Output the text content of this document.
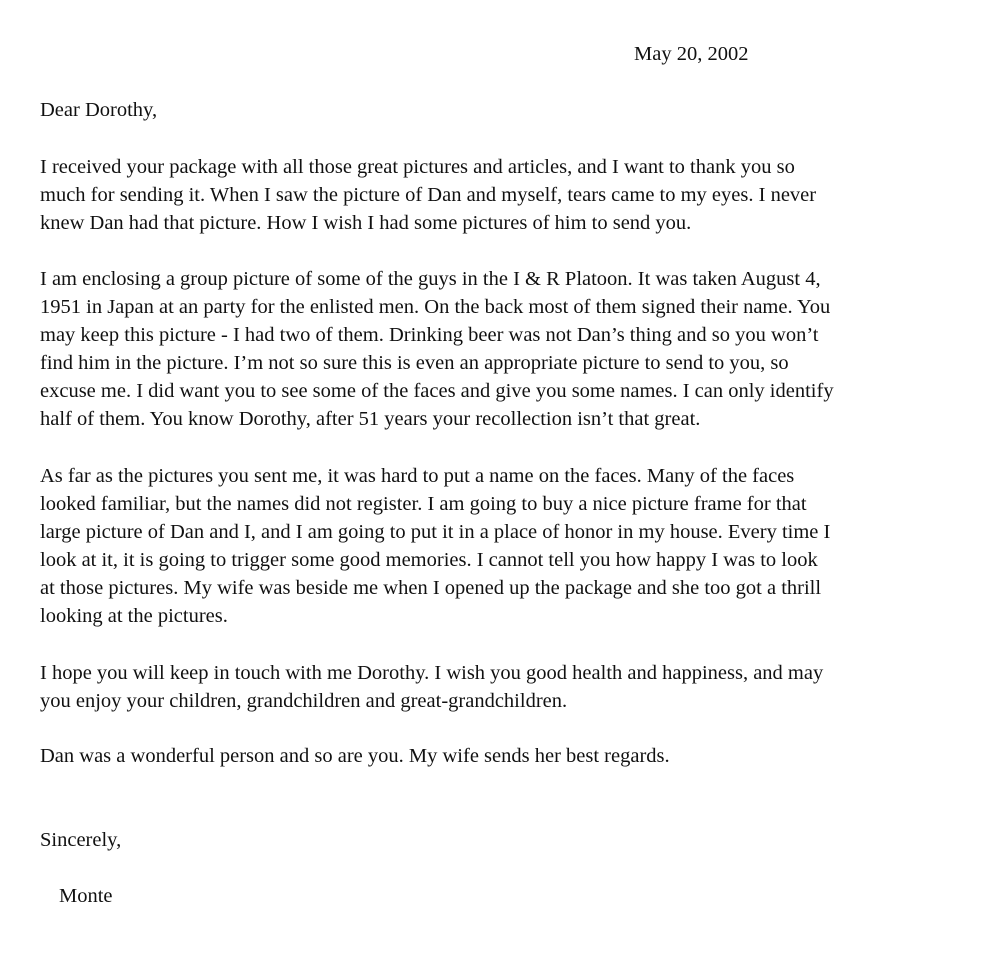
May 20, 2002
Dear Dorothy,
I received your package with all those great pictures and articles, and I want to thank you so
much for sending it. When I saw the picture of Dan and myself, tears came to my eyes. I never
knew Dan had that picture. How I wish I had some pictures of him to send you.
I am enclosing a group picture of some of the guys in the I & R Platoon. It was taken August 4,
1951 in Japan at an party for the enlisted men. On the back most of them signed their name. You
may keep this picture - I had two of them. Drinking beer was not Dan’s thing and so you won’t
find him in the picture. I’m not so sure this is even an appropriate picture to send to you, so
excuse me. I did want you to see some of the faces and give you some names. I can only identify
half of them. You know Dorothy, after 51 years your recollection isn’t that great.
As far as the pictures you sent me, it was hard to put a name on the faces. Many of the faces
looked familiar, but the names did not register. I am going to buy a nice picture frame for that
large picture of Dan and I, and I am going to put it in a place of honor in my house. Every time I
look at it, it is going to trigger some good memories. I cannot tell you how happy I was to look
at those pictures. My wife was beside me when I opened up the package and she too got a thrill
looking at the pictures.
I hope you will keep in touch with me Dorothy. I wish you good health and happiness, and may
you enjoy your children, grandchildren and great-grandchildren.
Dan was a wonderful person and so are you. My wife sends her best regards.
Sincerely,
Monte
